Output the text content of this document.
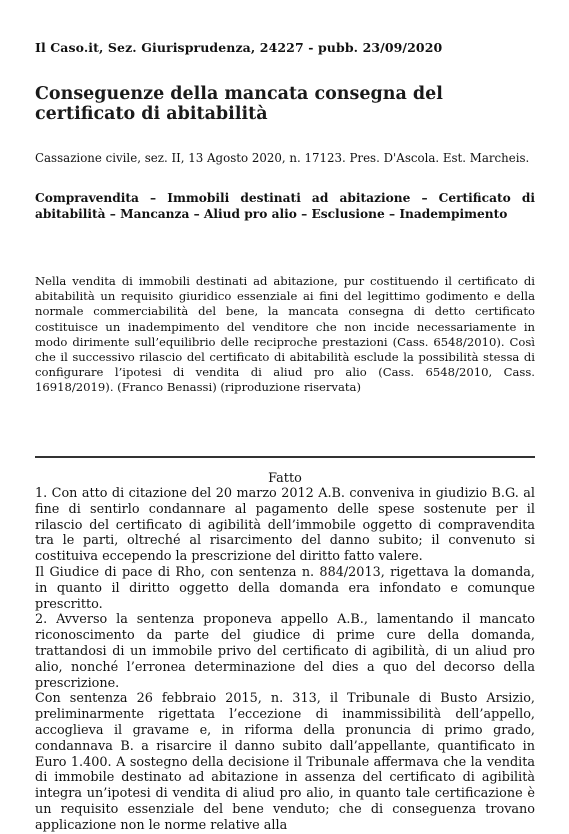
Il Caso.it, Sez. Giurisprudenza, 24227 - pubb. 23/09/2020
Conseguenze della mancata consegna del certificato di abitabilità
Cassazione civile, sez. II, 13 Agosto 2020, n. 17123. Pres. D'Ascola. Est. Marcheis.
Compravendita – Immobili destinati ad abitazione – Certificato di abitabilità – Mancanza – Aliud pro alio – Esclusione – Inadempimento
Nella vendita di immobili destinati ad abitazione, pur costituendo il certificato di abitabilità un requisito giuridico essenziale ai fini del legittimo godimento e della normale commerciabilità del bene, la mancata consegna di detto certificato costituisce un inadempimento del venditore che non incide necessariamente in modo dirimente sull’equilibrio delle reciproche prestazioni (Cass. 6548/2010). Così che il successivo rilascio del certificato di abitabilità esclude la possibilità stessa di configurare l’ipotesi di vendita di aliud pro alio (Cass. 6548/2010, Cass. 16918/2019). (Franco Benassi) (riproduzione riservata)
Fatto

1. Con atto di citazione del 20 marzo 2012 A.B. conveniva in giudizio B.G. al fine di sentirlo condannare al pagamento delle spese sostenute per il rilascio del certificato di agibilità dell’immobile oggetto di compravendita tra le parti, oltreché al risarcimento del danno subito; il convenuto si costituiva eccependo la prescrizione del diritto fatto valere.

Il Giudice di pace di Rho, con sentenza n. 884/2013, rigettava la domanda, in quanto il diritto oggetto della domanda era infondato e comunque prescritto.

2. Avverso la sentenza proponeva appello A.B., lamentando il mancato riconoscimento da parte del giudice di prime cure della domanda, trattandosi di un immobile privo del certificato di agibilità, di un aliud pro alio, nonché l’erronea determinazione del dies a quo del decorso della prescrizione.

Con sentenza 26 febbraio 2015, n. 313, il Tribunale di Busto Arsizio, preliminarmente rigettata l’eccezione di inammissibilità dell’appello, accoglieva il gravame e, in riforma della pronuncia di primo grado, condannava B. a risarcire il danno subito dall’appellante, quantificato in Euro 1.400. A sostegno della decisione il Tribunale affermava che la vendita di immobile destinato ad abitazione in assenza del certificato di agibilità integra un’ipotesi di vendita di aliud pro alio, in quanto tale certificazione è un requisito essenziale del bene venduto; che di conseguenza trovano applicazione non le norme relative alla
